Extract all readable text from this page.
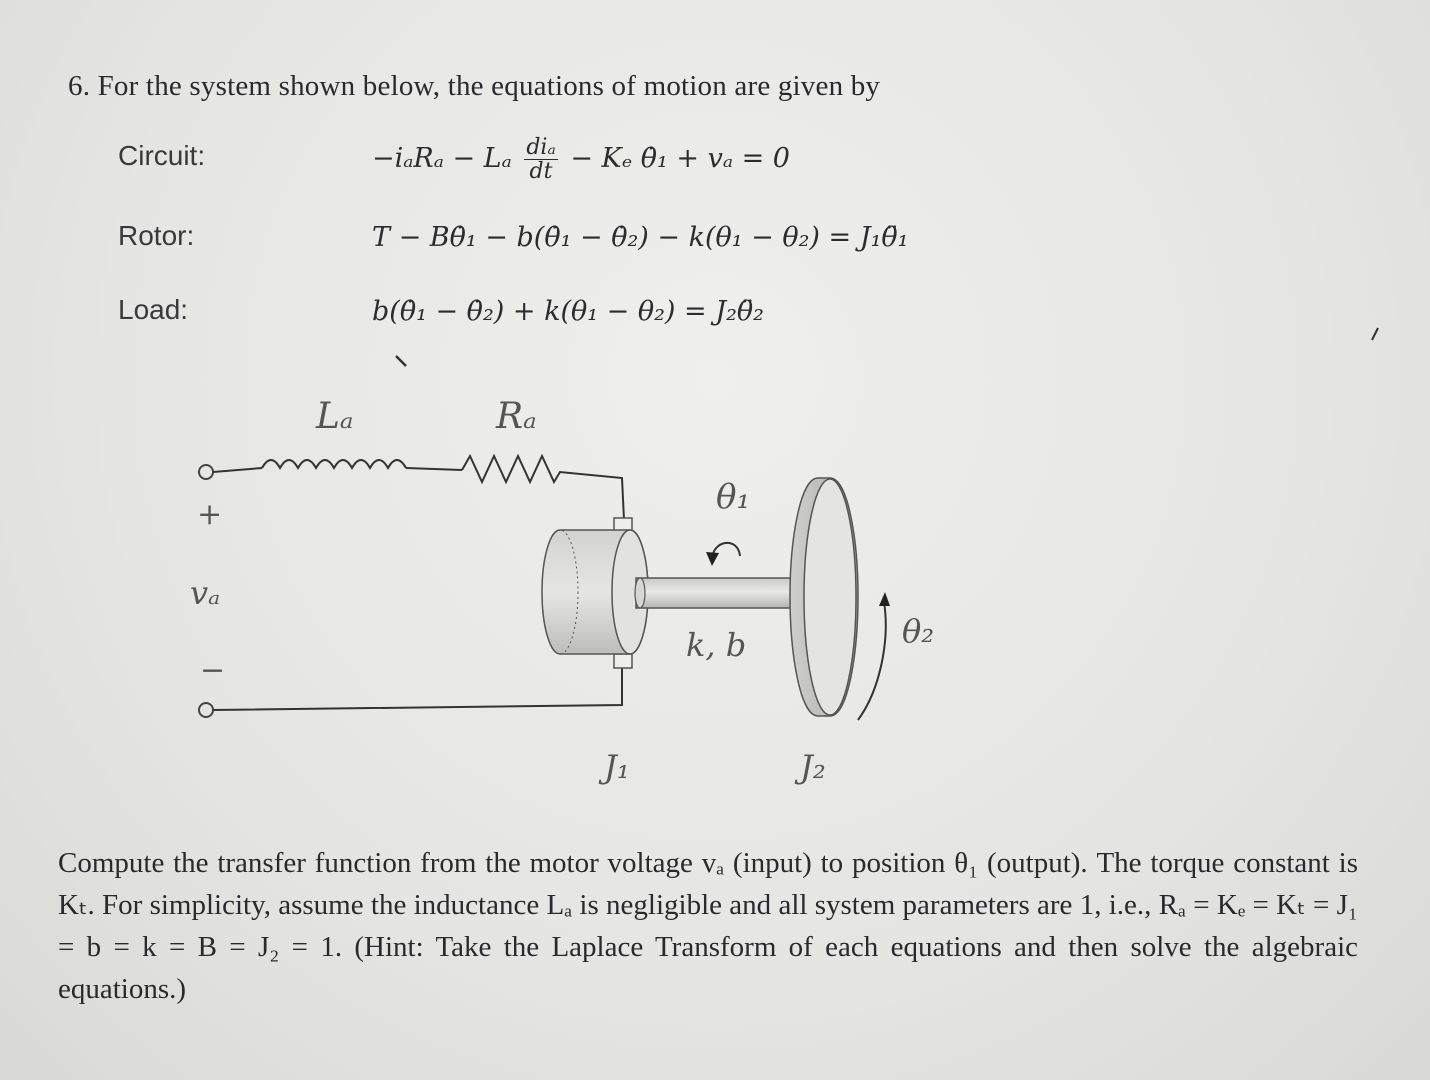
6. For the system shown below, the equations of motion are given by
Circuit:	−iₐRₐ − Lₐ $\frac{\text{diₐ}}{dt} - K_e$ θ̇₁ + vₐ = 0
Rotor:	T − Bθ̇₁ − b(θ̇₁ − θ̇₂) − k(θ₁ − θ₂) = J₁θ̈₁
Load:	b(θ̇₁ − θ̇₂) + k(θ₁ − θ₂) = J₂θ̈₂
Lₐ	Rₐ
+
vₐ
−
θ₁
k, b	θ₂
J₁	J₂

Compute the transfer function from the motor voltage vₐ (input) to position θ₁ (output). The torque constant is Kₜ. For simplicity, assume the inductance Lₐ is negligible and all system parameters are 1, i.e., Rₐ = Kₑ = Kₜ = J₁ = b = k = B = J₂ = 1. (Hint: Take the Laplace Transform of each equations and then solve the algebraic equations.)
